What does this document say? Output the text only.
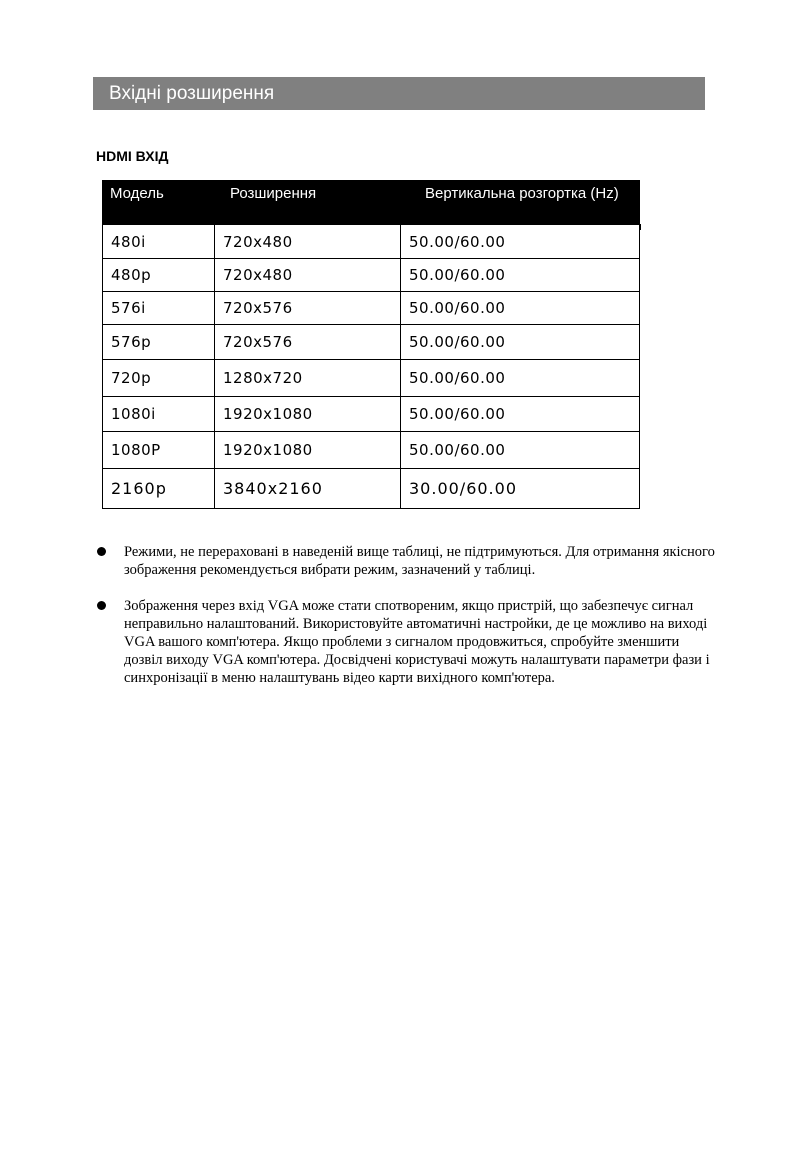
Вхідні розширення
HDMI ВХІД
Модель	Розширення	Вертикальна розгортка (Hz)
480i	720x480	50.00/60.00
480p	720x480	50.00/60.00
576i	720x576	50.00/60.00
576p	720x576	50.00/60.00
720p	1280x720	50.00/60.00
1080i	1920x1080	50.00/60.00
1080P	1920x1080	50.00/60.00
2160p	3840x2160	30.00/60.00
Режими, не перераховані в наведеній вище таблиці, не підтримуються. Для отримання якісного зображення рекомендується вибрати режим, зазначений у таблиці.
Зображення через вхід VGA може стати спотвореним, якщо пристрій, що забезпечує сигнал неправильно налаштований. Використовуйте автоматичні настройки, де це можливо на виході VGA вашого комп'ютера. Якщо проблеми з сигналом продовжиться, спробуйте зменшити дозвіл виходу VGA комп'ютера. Досвідчені користувачі можуть налаштувати параметри фази і синхронізації в меню налаштувань відео карти вихідного комп'ютера.
